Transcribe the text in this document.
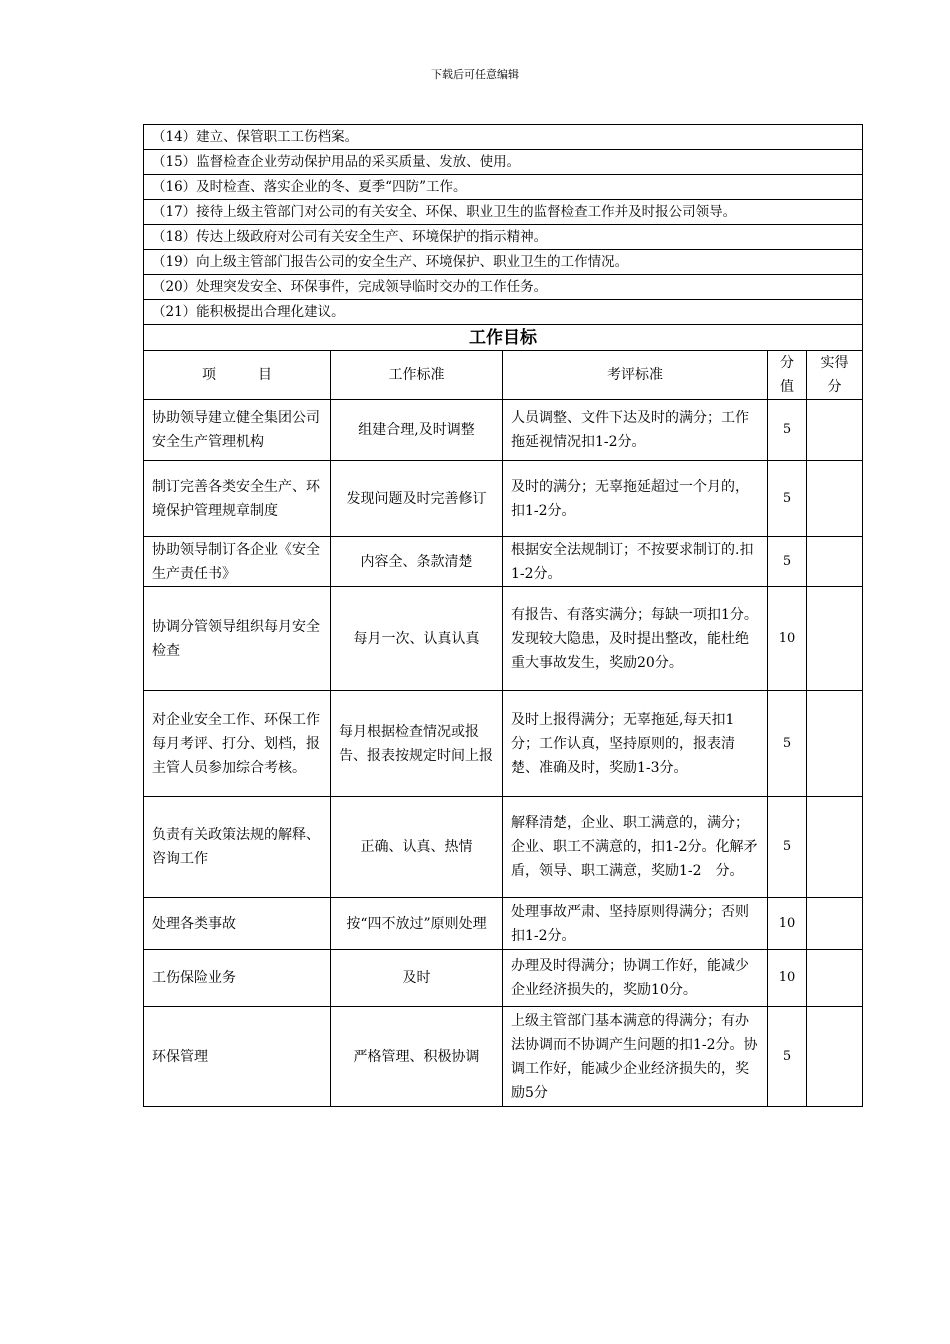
下载后可任意编辑
（14）建立、保管职工工伤档案。				
（15）监督检查企业劳动保护用品的采买质量、发放、使用。				
（16）及时检查、落实企业的冬、夏季“四防”工作。				
（17）接待上级主管部门对公司的有关安全、环保、职业卫生的监督检查工作并及时报公司领导。				
（18）传达上级政府对公司有关安全生产、环境保护的指示精神。				
（19）向上级主管部门报告公司的安全生产、环境保护、职业卫生的工作情况。				
（20）处理突发安全、环保事件，完成领导临时交办的工作任务。				
（21）能积极提出合理化建议。				
工作目标				
项　　　目	工作标准	考评标准	分值	实得分
协助领导建立健全集团公司安全生产管理机构	组建合理,及时调整	人员调整、文件下达及时的满分；工作拖延视情况扣1-2分。	5	
制订完善各类安全生产、环境保护管理规章制度	发现问题及时完善修订	及时的满分；无辜拖延超过一个月的，扣1-2分。	5	
协助领导制订各企业《安全生产责任书》	内容全、条款清楚	根据安全法规制订；不按要求制订的.扣1-2分。	5	
协调分管领导组织每月安全检查	每月一次、认真认真	有报告、有落实满分；每缺一项扣1分。发现较大隐患，及时提出整改，能杜绝重大事故发生，奖励20分。	10	
对企业安全工作、环保工作每月考评、打分、划档，报主管人员参加综合考核。	每月根据检查情况或报告、报表按规定时间上报	及时上报得满分；无辜拖延,每天扣1分；工作认真，坚持原则的，报表清楚、准确及时，奖励1-3分。	5	
负责有关政策法规的解释、咨询工作	正确、认真、热情	解释清楚，企业、职工满意的，满分；企业、职工不满意的，扣1-2分。化解矛盾，领导、职工满意，奖励1-2　分。	5	
处理各类事故	按“四不放过”原则处理	处理事故严肃、坚持原则得满分；否则扣1-2分。	10	
工伤保险业务	及时	办理及时得满分；协调工作好，能减少企业经济损失的，奖励10分。	10	
环保管理	严格管理、积极协调	上级主管部门基本满意的得满分；有办法协调而不协调产生问题的扣1-2分。协调工作好，能减少企业经济损失的，奖励5分	5	
